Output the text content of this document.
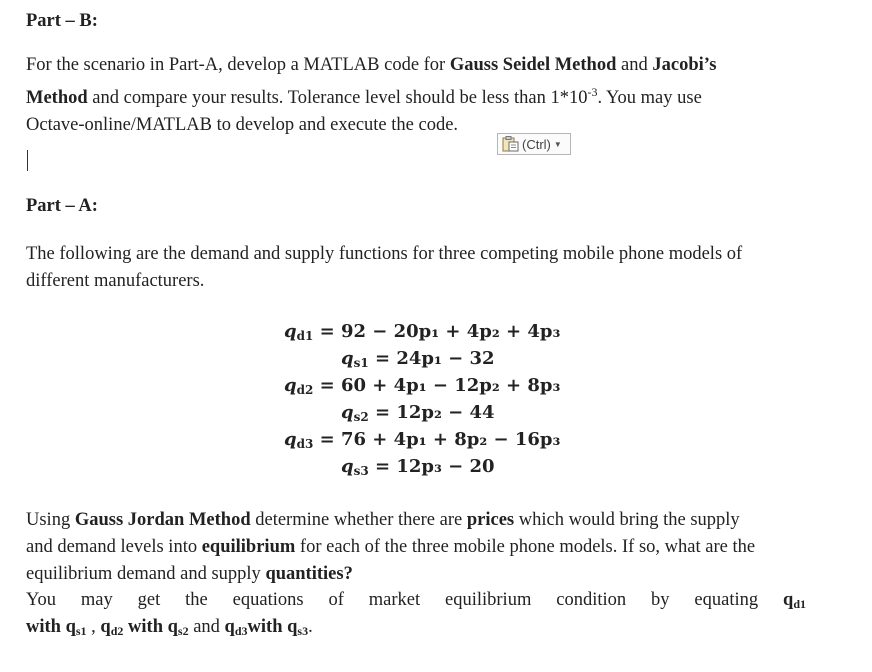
Part – B:
For the scenario in Part-A, develop a MATLAB code for Gauss Seidel Method and Jacobi’s
Method and compare your results. Tolerance level should be less than $1*10^{-3}$. You may use
Octave-online/MATLAB to develop and execute the code.
(Ctrl) ▼
Part – A:
The following are the demand and supply functions for three competing mobile phone models of
different manufacturers.
$q_{d1} = 92 - 20p_1 + 4p_2 + 4p_3$
$q_{s1} = 24p_1 - 32$
$q_{d2} = 60 + 4p_1 - 12p_2 + 8p_3$
$q_{s2} = 12p_2 - 44$
$q_{d3} = 76 + 4p_1 + 8p_2 - 16p_3$
$q_{s3} = 12p_3 - 20$
Using Gauss Jordan Method determine whether there are prices which would bring the supply
and demand levels into equilibrium for each of the three mobile phone models. If so, what are the
equilibrium demand and supply quantities?
You may get the equations of market equilibrium condition by equating $q_{d1}$
with $q_{s1}$ , $q_{d2}$ with $q_{s2}$ and $q_{d3}with$ $q_{s3}$.
